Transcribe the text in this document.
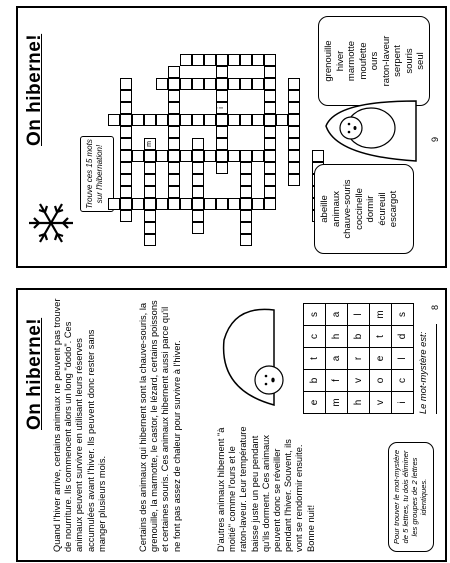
On hiberne!
Trouve ces 15 mots sur l'hibernation!
m
i
abeille animaux chauve-souris coccinelle dormir écureuil escargot
grenouille hiver marmotte moufette ours raton-laveur serpent souris seul
9
On hiberne! Quand l'hiver arrive, certains animaux ne peuvent pas trouver de nourriture. Ils commencent alors un long "dodo". Ces animaux peuvent survivre en utilisant leurs réserves accumulées avant l'hiver. Ils peuvent donc rester sans manger plusieurs mois.	Certains des animaux qui hibernent sont la chauve-souris, la grenouille, la marmotte, le castor, le lézard, certains poissons et certaines souris. Ces animaux hibernent aussi parce qu'il ne font pas assez de chaleur pour survivre à l'hiver.	D'autres animaux hibernent "à moitié" comme l'ours et le raton-laveur. Leur température baisse juste un peu pendant qu'ils dorment. Ces animaux peuvent donc se réveiller pendant l'hiver. Souvent, ils vont se rendormir ensuite. Bonne nuit!
e	b	t	c	s
m	f	a	h	a
h	v	r	b	l
v	o	e	t	m
i	c	l	d	s
Le mot-mystère est:
Pour trouver le mot-mystère de 5 lettres, tu dois éliminer les groupes de 2 lettres identiques.
8
